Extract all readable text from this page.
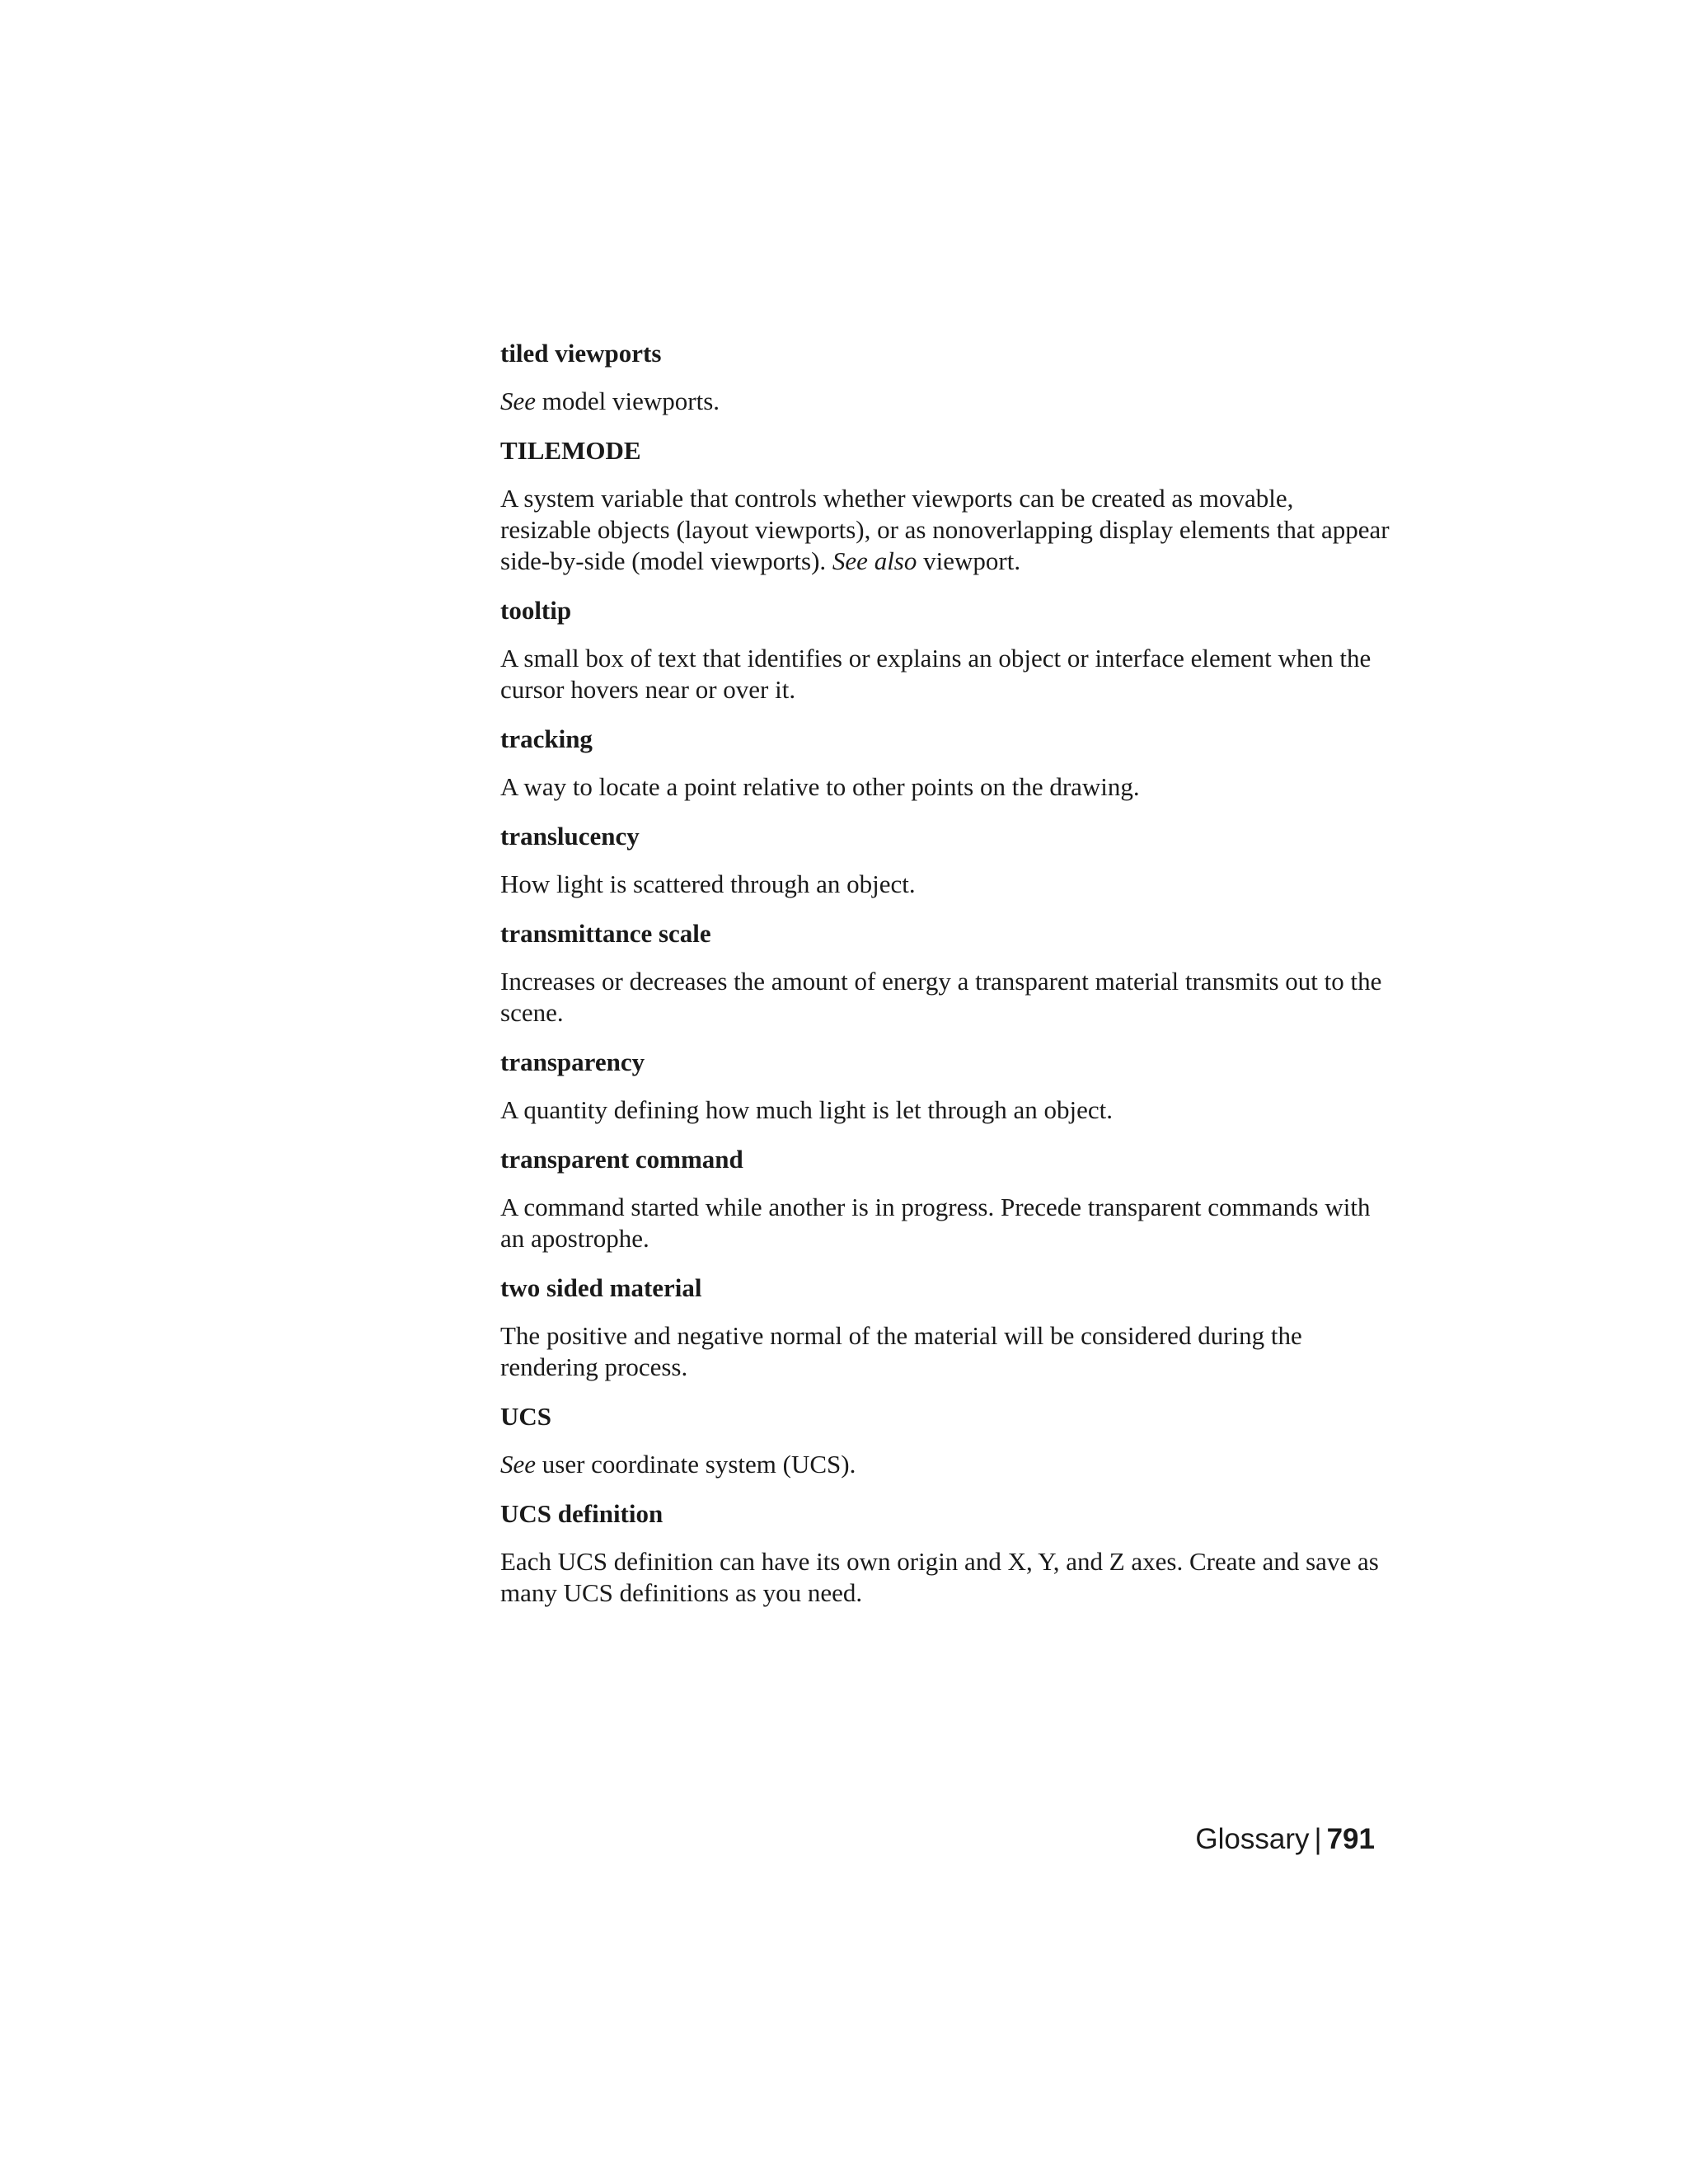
tiled viewports
See model viewports.
TILEMODE
A system variable that controls whether viewports can be created as movable, resizable objects (layout viewports), or as nonoverlapping display elements that appear side-by-side (model viewports). See also viewport.
tooltip
A small box of text that identifies or explains an object or interface element when the cursor hovers near or over it.
tracking
A way to locate a point relative to other points on the drawing.
translucency
How light is scattered through an object.
transmittance scale
Increases or decreases the amount of energy a transparent material transmits out to the scene.
transparency
A quantity defining how much light is let through an object.
transparent command
A command started while another is in progress. Precede transparent commands with an apostrophe.
two sided material
The positive and negative normal of the material will be considered during the rendering process.
UCS
See user coordinate system (UCS).
UCS definition
Each UCS definition can have its own origin and X, Y, and Z axes. Create and save as many UCS definitions as you need.
Glossary | 791
